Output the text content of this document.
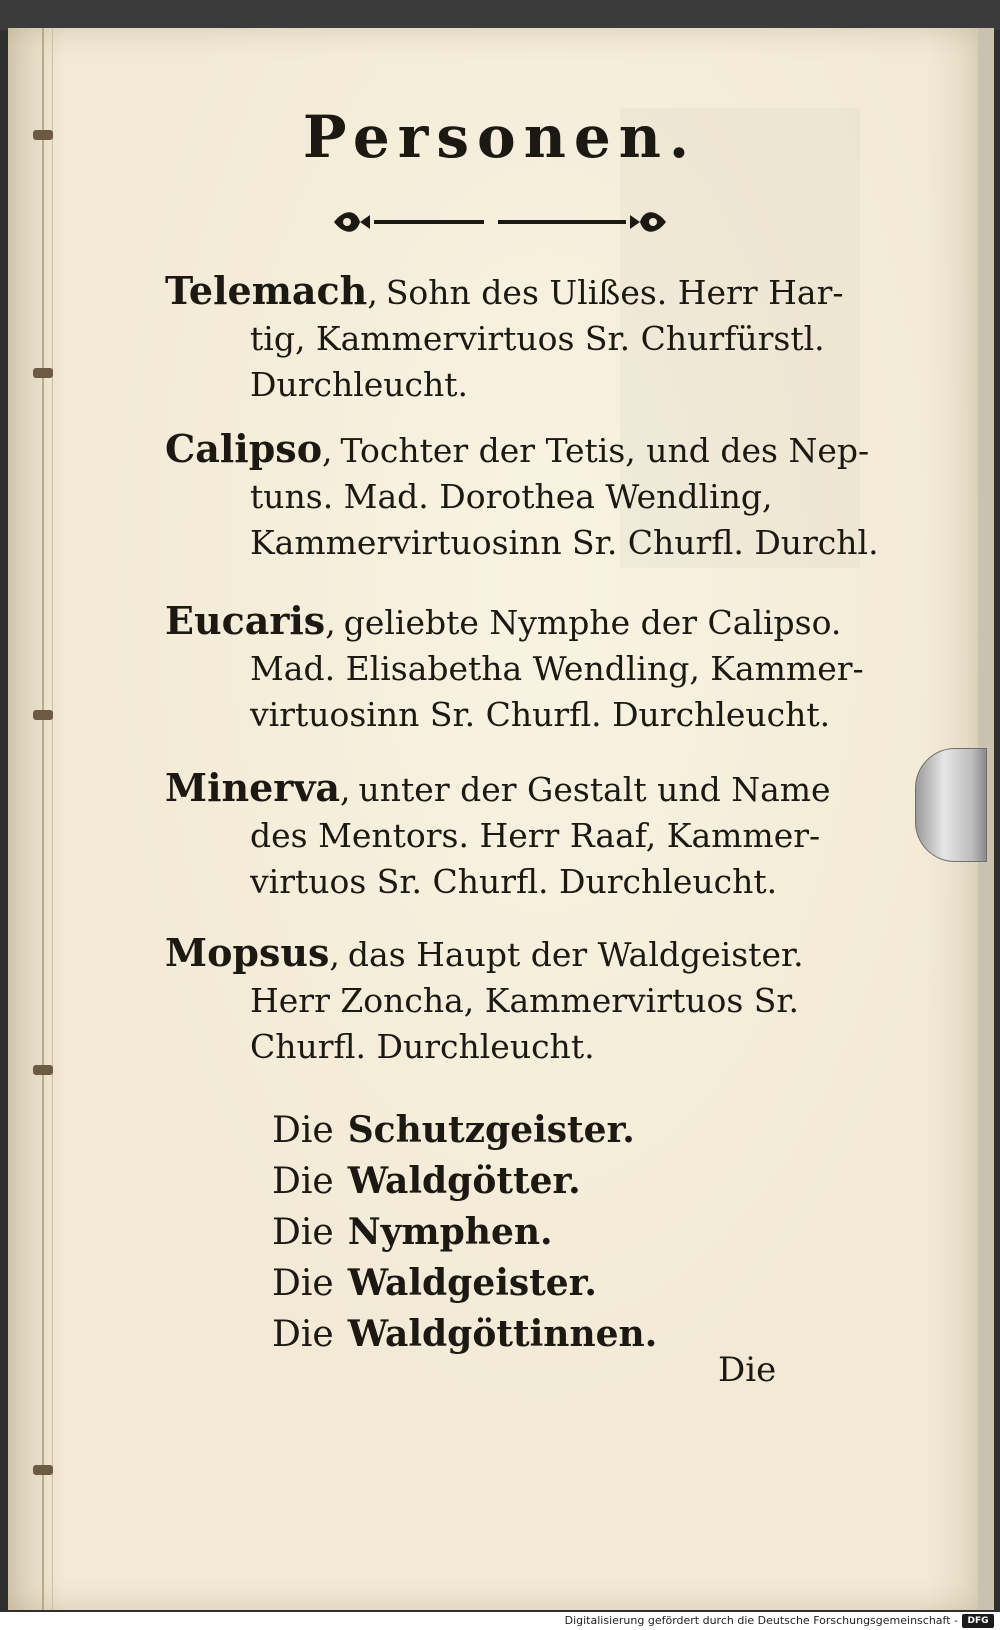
Personen.
Telemach, Sohn des Ulißes. Herr Har-
tig, Kammervirtuos Sr. Churfürstl.
Durchleucht.
Calipso, Tochter der Tetis, und des Nep-
tuns. Mad. Dorothea Wendling,
Kammervirtuosinn Sr. Churfl. Durchl.
Eucaris, geliebte Nymphe der Calipso.
Mad. Elisabetha Wendling, Kammer-
virtuosinn Sr. Churfl. Durchleucht.
Minerva, unter der Gestalt und Name
des Mentors. Herr Raaf, Kammer-
virtuos Sr. Churfl. Durchleucht.
Mopsus, das Haupt der Waldgeister.
Herr Zoncha, Kammervirtuos Sr.
Churfl. Durchleucht.
Die Schutzgeister.
Die Waldgötter.
Die Nymphen.
Die Waldgeister.
Die Waldgöttinnen.
Die
Digitalisierung gefördert durch die Deutsche Forschungsgemeinschaft -	DFG
